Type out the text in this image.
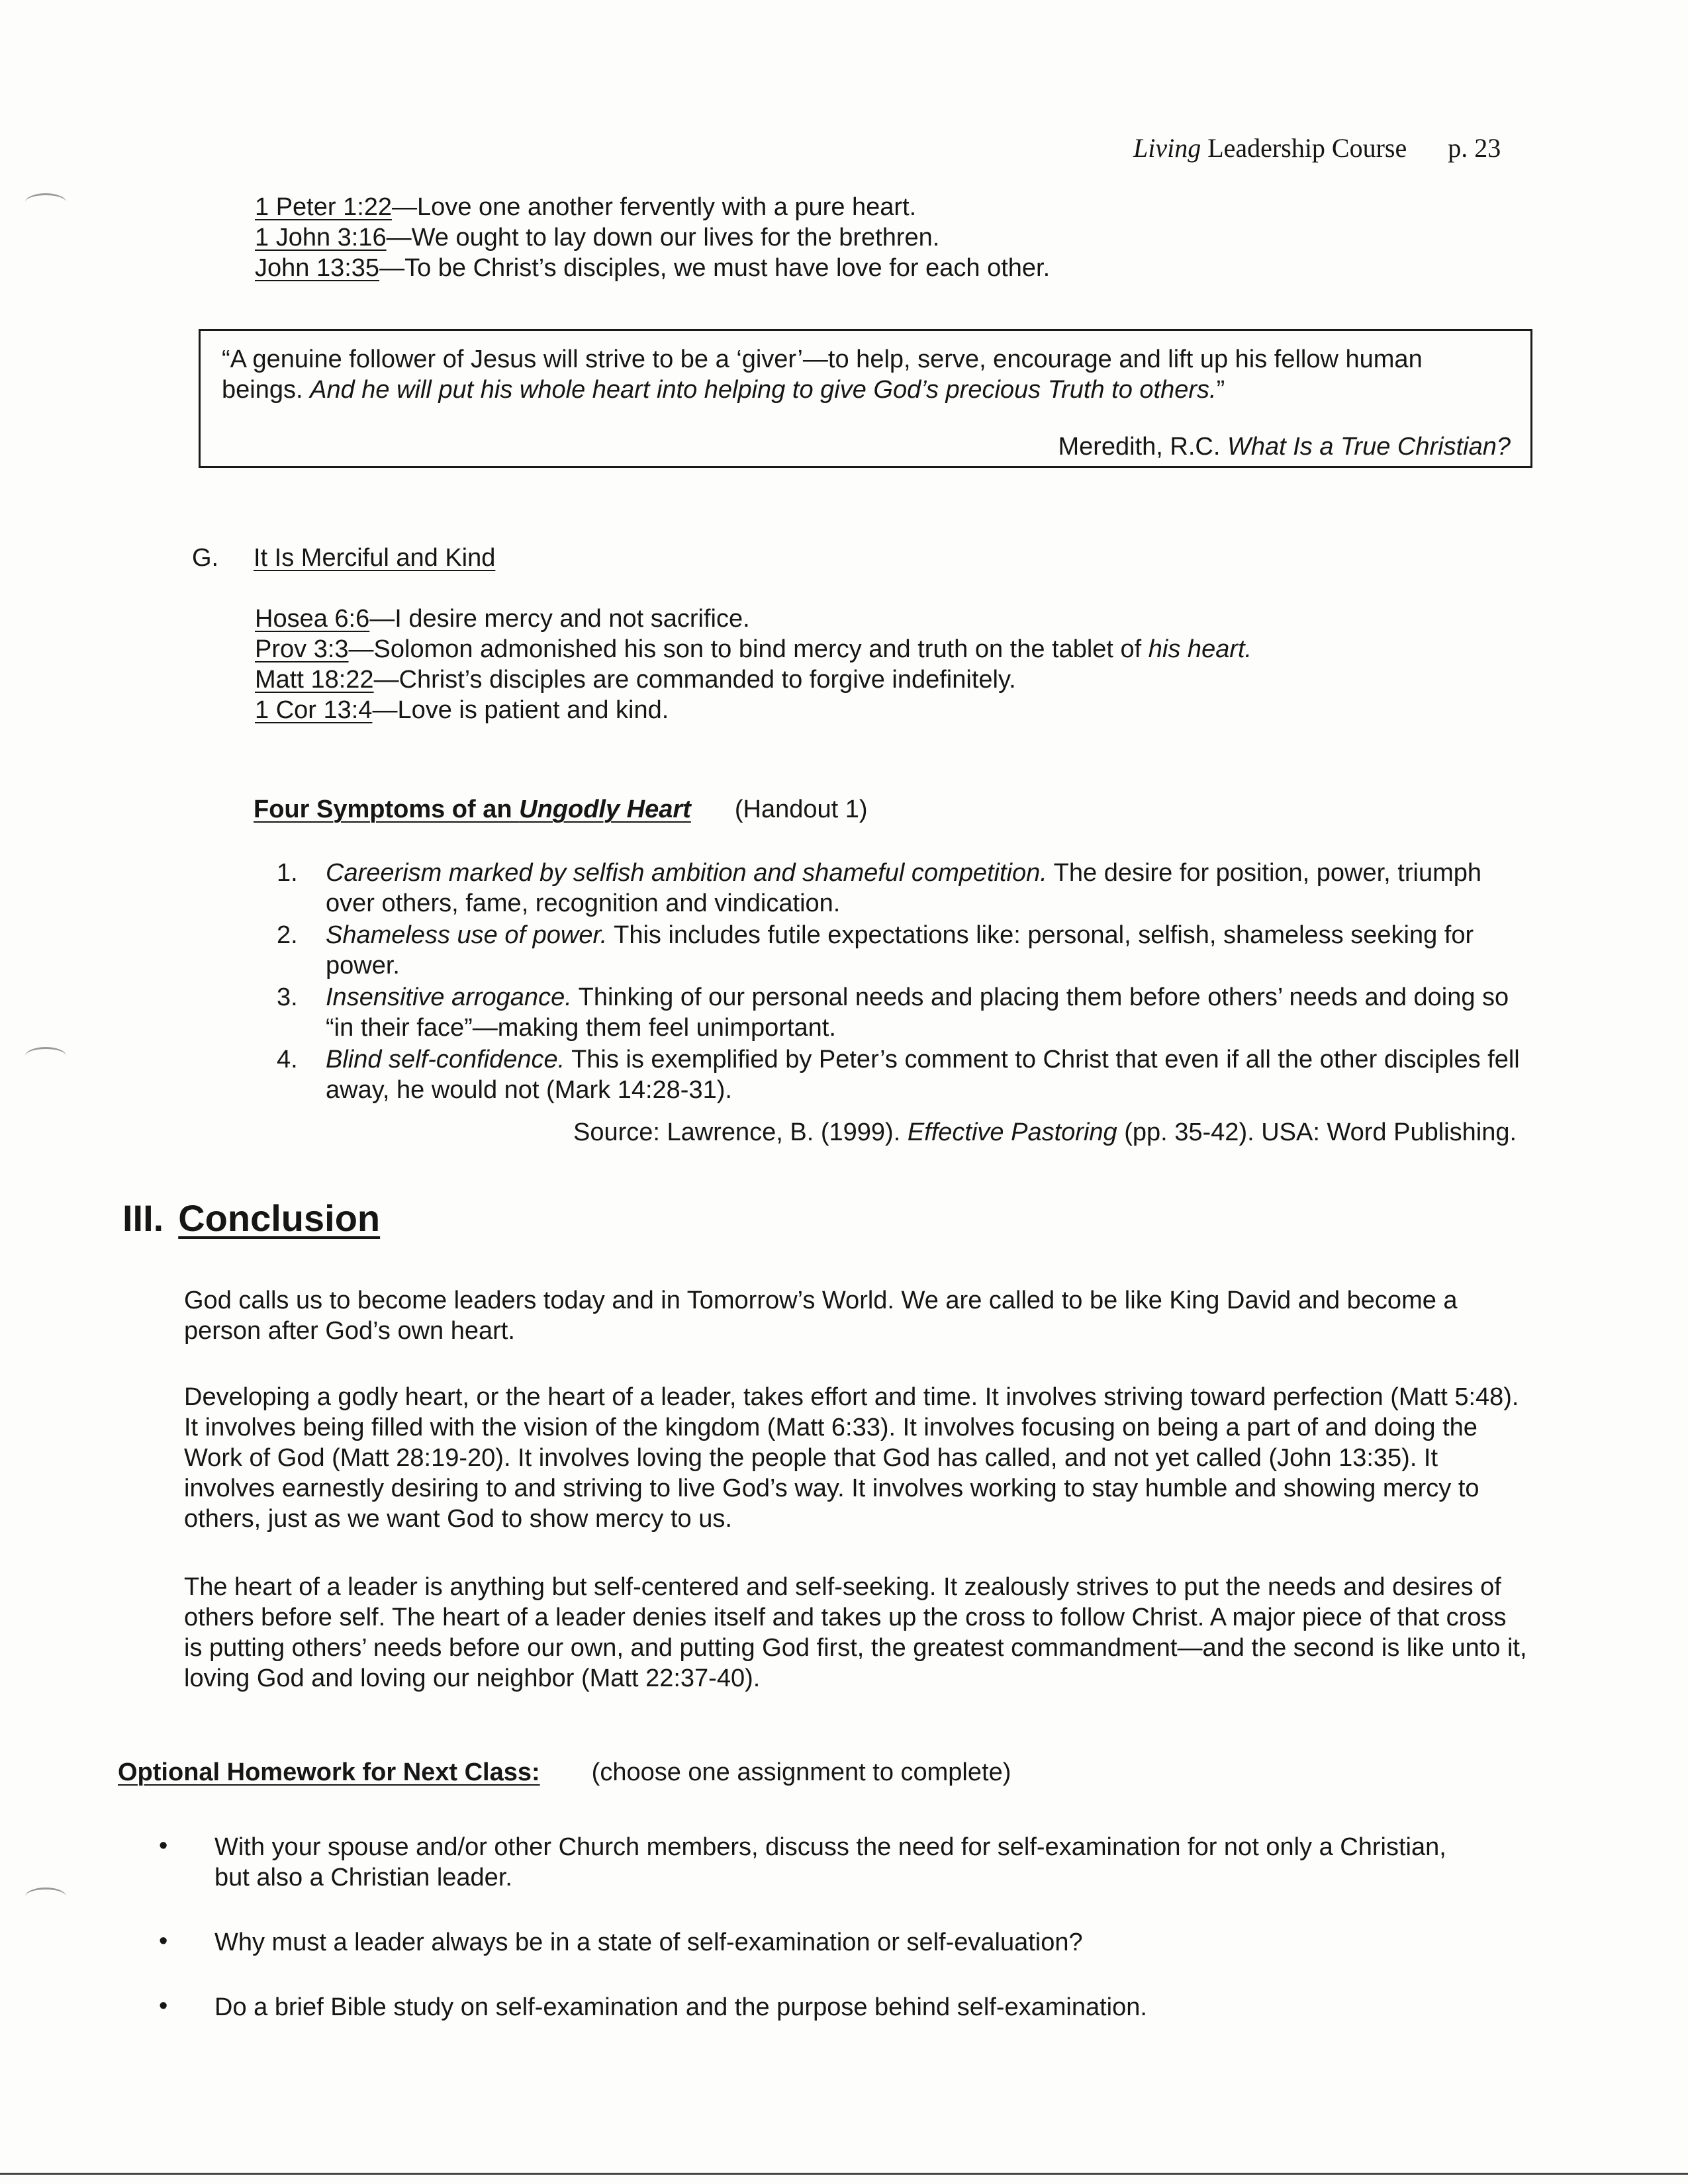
Living Leadership Course p. 23
1 Peter 1:22—Love one another fervently with a pure heart.
1 John 3:16—We ought to lay down our lives for the brethren.
John 13:35—To be Christ’s disciples, we must have love for each other.
“A genuine follower of Jesus will strive to be a ‘giver’—to help, serve, encourage and lift up his fellow human beings. And he will put his whole heart into helping to give God’s precious Truth to others.”
Meredith, R.C. What Is a True Christian?
G. It Is Merciful and Kind
Hosea 6:6—I desire mercy and not sacrifice.
Prov 3:3—Solomon admonished his son to bind mercy and truth on the tablet of his heart.
Matt 18:22—Christ’s disciples are commanded to forgive indefinitely.
1 Cor 13:4—Love is patient and kind.
Four Symptoms of an Ungodly Heart (Handout 1)
1. Careerism marked by selfish ambition and shameful competition. The desire for position, power, triumph over others, fame, recognition and vindication.
2. Shameless use of power. This includes futile expectations like: personal, selfish, shameless seeking for power.
3. Insensitive arrogance. Thinking of our personal needs and placing them before others’ needs and doing so “in their face”—making them feel unimportant.
4. Blind self-confidence. This is exemplified by Peter’s comment to Christ that even if all the other disciples fell away, he would not (Mark 14:28-31).
Source: Lawrence, B. (1999). Effective Pastoring (pp. 35-42). USA: Word Publishing.
III. Conclusion

God calls us to become leaders today and in Tomorrow’s World. We are called to be like King David and become a person after God’s own heart.

Developing a godly heart, or the heart of a leader, takes effort and time. It involves striving toward perfection (Matt 5:48). It involves being filled with the vision of the kingdom (Matt 6:33). It involves focusing on being a part of and doing the Work of God (Matt 28:19-20). It involves loving the people that God has called, and not yet called (John 13:35). It involves earnestly desiring to and striving to live God’s way. It involves working to stay humble and showing mercy to others, just as we want God to show mercy to us.

The heart of a leader is anything but self-centered and self-seeking. It zealously strives to put the needs and desires of others before self. The heart of a leader denies itself and takes up the cross to follow Christ. A major piece of that cross is putting others’ needs before our own, and putting God first, the greatest commandment—and the second is like unto it, loving God and loving our neighbor (Matt 22:37-40).

Optional Homework for Next Class: (choose one assignment to complete)
• With your spouse and/or other Church members, discuss the need for self-examination for not only a Christian, but also a Christian leader.
• Why must a leader always be in a state of self-examination or self-evaluation?
• Do a brief Bible study on self-examination and the purpose behind self-examination.
